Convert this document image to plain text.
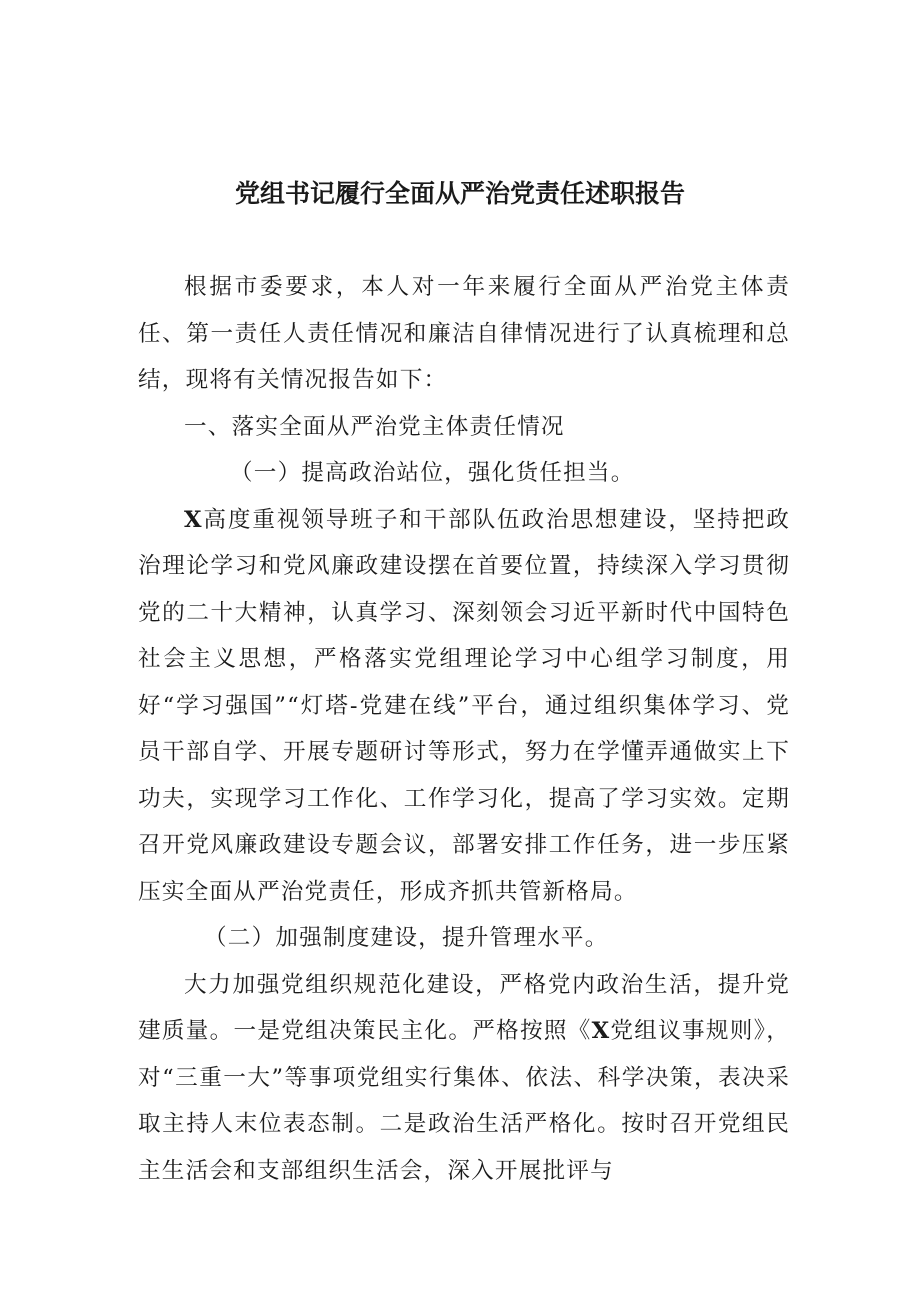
党组书记履行全面从严治党责任述职报告

根据市委要求，本人对一年来履行全面从严治党主体责任、第一责任人责任情况和廉洁自律情况进行了认真梳理和总结，现将有关情况报告如下：

一、落实全面从严治党主体责任情况

（一）提高政治站位，强化货任担当。

X高度重视领导班子和干部队伍政治思想建设，坚持把政治理论学习和党风廉政建设摆在首要位置，持续深入学习贯彻党的二十大精神，认真学习、深刻领会习近平新时代中国特色社会主义思想，严格落实党组理论学习中心组学习制度，用好“学习强国”“灯塔-党建在线”平台，通过组织集体学习、党员干部自学、开展专题研讨等形式，努力在学懂弄通做实上下功夫，实现学习工作化、工作学习化，提高了学习实效。定期召开党风廉政建设专题会议，部署安排工作任务，进一步压紧压实全面从严治党责任，形成齐抓共管新格局。

（二）加强制度建设，提升管理水平。

大力加强党组织规范化建设，严格党内政治生活，提升党建质量。一是党组决策民主化。严格按照《X党组议事规则》，对“三重一大”等事项党组实行集体、依法、科学决策，表决采取主持人末位表态制。二是政治生活严格化。按时召开党组民主生活会和支部组织生活会，深入开展批评与
